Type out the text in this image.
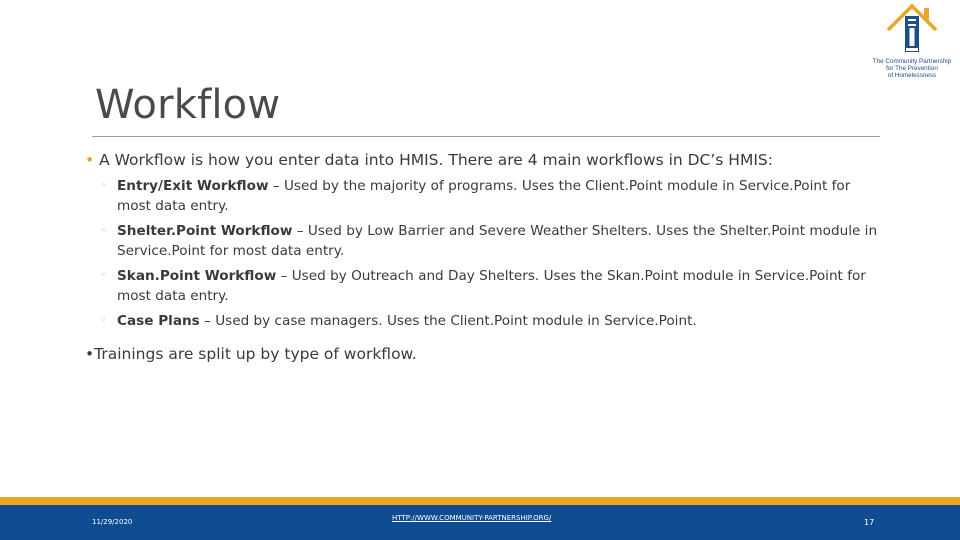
The Community Partnership
for The Prevention
of Homelessness
Workflow
• A Workflow is how you enter data into HMIS. There are 4 main workflows in DC’s HMIS:
◦ Entry/Exit Workflow – Used by the majority of programs. Uses the Client.Point module in Service.Point for most data entry.
◦ Shelter.Point Workflow – Used by Low Barrier and Severe Weather Shelters. Uses the Shelter.Point module in Service.Point for most data entry.
◦ Skan.Point Workflow – Used by Outreach and Day Shelters. Uses the Skan.Point module in Service.Point for most data entry.
◦ Case Plans – Used by case managers. Uses the Client.Point module in Service.Point.
•Trainings are split up by type of workflow.
11/29/2020	HTTP://WWW.COMMUNITY-PARTNERSHIP.ORG/	17
